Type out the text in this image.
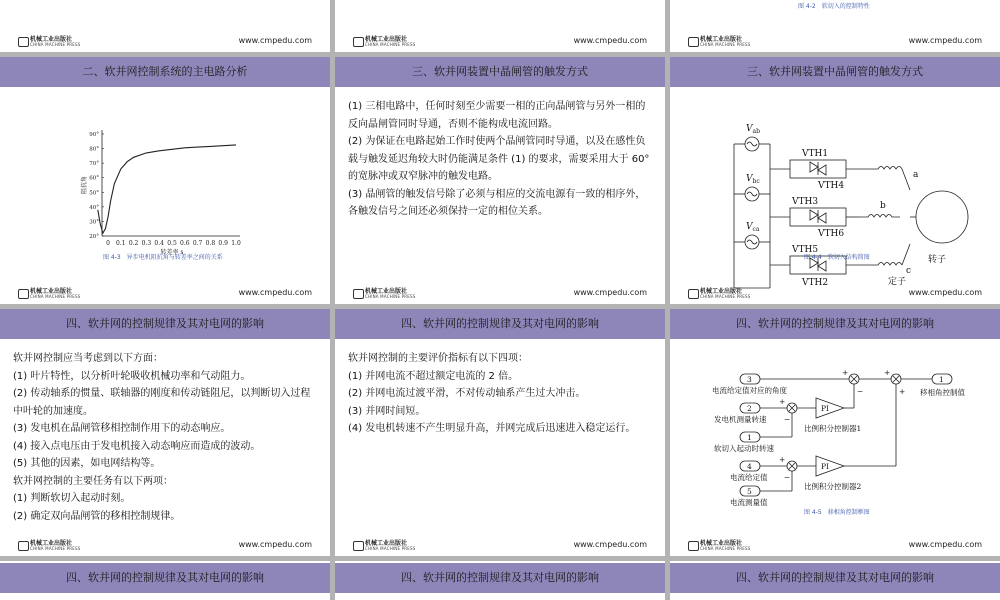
机械工业出版社
CHINA MACHINE PRESS	www.cmpedu.com	机械工业出版社
CHINA MACHINE PRESS	www.cmpedu.com
图 4-2　软切入的控制特性
机械工业出版社
CHINA MACHINE PRESS	www.cmpedu.com
二、软并网控制系统的主电路分析
0 0.1 0.2 0.3 0.4 0.5 0.6 0.7 0.8 0.9 1.0
20°
30°
40°
50°
60°
70°
80°
90°
转差率 s
阻抗角
图 4-3　异步电机阻抗角与转差率之间的关系
机械工业出版社
CHINA MACHINE PRESS	www.cmpedu.com
三、软并网装置中晶闸管的触发方式

(1) 三相电路中，任何时刻至少需要一相的正向晶闸管与另外一相的反向晶闸管同时导通，否则不能构成电流回路。

(2) 为保证在电路起始工作时使两个晶闸管同时导通，以及在感性负载与触发延迟角较大时仍能满足条件 (1) 的要求，需要采用大于 60° 的宽脉冲或双窄脉冲的触发电路。

(3) 晶闸管的触发信号除了必须与相应的交流电源有一致的相序外，各触发信号之间还必须保持一定的相位关系。

机械工业出版社
CHINA MACHINE PRESS	www.cmpedu.com
三、软并网装置中晶闸管的触发方式
$V_{ab}$
$V_{bc}$
$V_{ca}$
VTH1
VTH4
VTH3
VTH6
VTH5
VTH2
a
b
c
转子
定子
图 4-4　软切入结构简图
机械工业出版社
CHINA MACHINE PRESS	www.cmpedu.com
四、软并网的控制规律及其对电网的影响

软并网控制应当考虑到以下方面：

(1) 叶片特性，以分析叶轮吸收机械功率和气动阻力。

(2) 传动轴系的惯量、联轴器的刚度和传动链阻尼，以判断切入过程中叶轮的加速度。

(3) 发电机在晶闸管移相控制作用下的动态响应。

(4) 接入点电压由于发电机接入动态响应而造成的波动。

(5) 其他的因素，如电网结构等。

软并网控制的主要任务有以下两项：

(1) 判断软切入起动时刻。

(2) 确定双向晶闸管的移相控制规律。

机械工业出版社
CHINA MACHINE PRESS	www.cmpedu.com
四、软并网的控制规律及其对电网的影响

软并网控制的主要评价指标有以下四项：

(1) 并网电流不超过额定电流的 2 倍。

(2) 并网电流过渡平滑，不对传动轴系产生过大冲击。

(3) 并网时间短。

(4) 发电机转速不产生明显升高，并网完成后迅速进入稳定运行。

机械工业出版社
CHINA MACHINE PRESS	www.cmpedu.com
四、软并网的控制规律及其对电网的影响
3
2
1
4
5
1
电流给定值对应的角度
发电机测量转速
软切入起动时转速
电流给定值
电流测量值
移相角控制值
PI
PI
比例积分控制器1
比例积分控制器2
+
−
+
−
+
−
+
+
图 4-5　移相角控制框图
机械工业出版社
CHINA MACHINE PRESS	www.cmpedu.com
四、软并网的控制规律及其对电网的影响	四、软并网的控制规律及其对电网的影响	四、软并网的控制规律及其对电网的影响
